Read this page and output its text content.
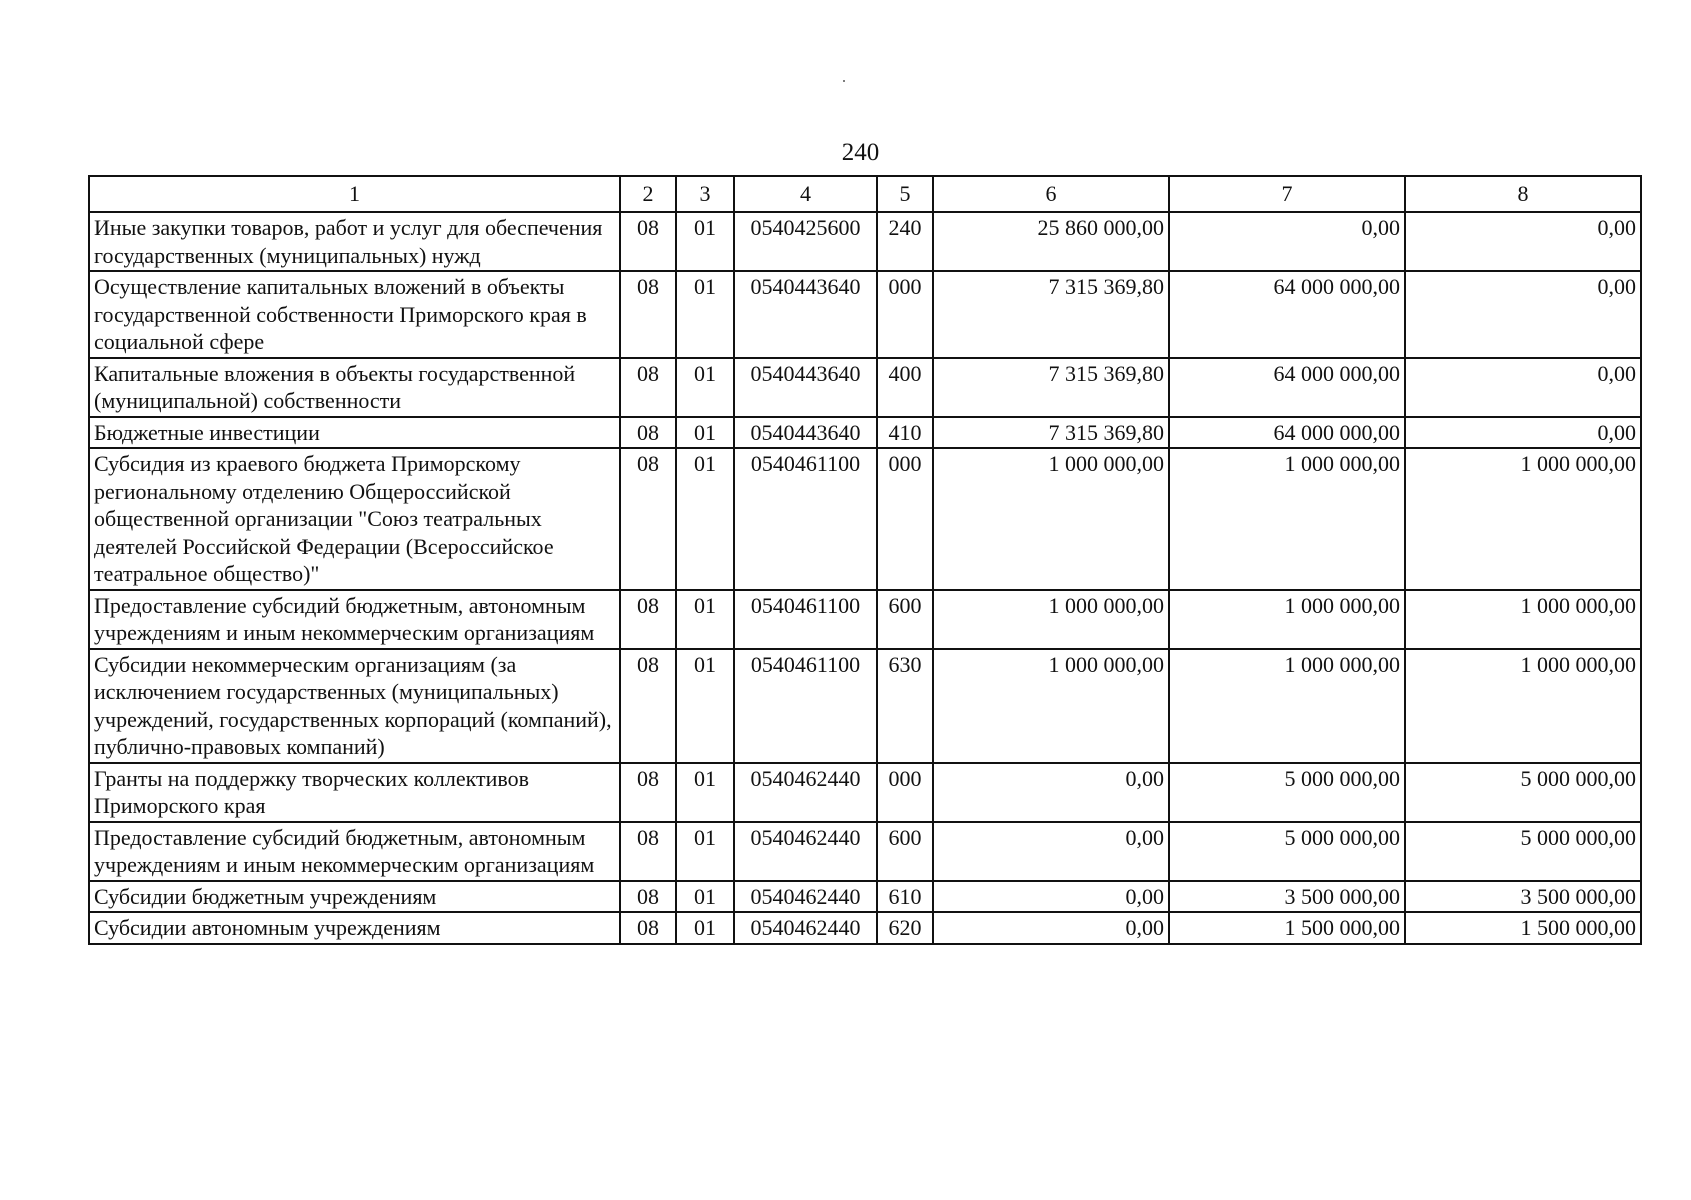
240
1	2	3	4	5	6	7	8
Иные закупки товаров, работ и услуг для обеспечения государственных (муниципальных) нужд	08	01	0540425600	240	25 860 000,00	0,00	0,00
Осуществление капитальных вложений в объекты государственной собственности Приморского края в социальной сфере	08	01	0540443640	000	7 315 369,80	64 000 000,00	0,00
Капитальные вложения в объекты государственной (муниципальной) собственности	08	01	0540443640	400	7 315 369,80	64 000 000,00	0,00
Бюджетные инвестиции	08	01	0540443640	410	7 315 369,80	64 000 000,00	0,00
Субсидия из краевого бюджета Приморскому региональному отделению Общероссийской общественной организации "Союз театральных деятелей Российской Федерации (Всероссийское театральное общество)"	08	01	0540461100	000	1 000 000,00	1 000 000,00	1 000 000,00
Предоставление субсидий бюджетным, автономным учреждениям и иным некоммерческим организациям	08	01	0540461100	600	1 000 000,00	1 000 000,00	1 000 000,00
Субсидии некоммерческим организациям (за исключением государственных (муниципальных) учреждений, государственных корпораций (компаний), публично-правовых компаний)	08	01	0540461100	630	1 000 000,00	1 000 000,00	1 000 000,00
Гранты на поддержку творческих коллективов Приморского края	08	01	0540462440	000	0,00	5 000 000,00	5 000 000,00
Предоставление субсидий бюджетным, автономным учреждениям и иным некоммерческим организациям	08	01	0540462440	600	0,00	5 000 000,00	5 000 000,00
Субсидии бюджетным учреждениям	08	01	0540462440	610	0,00	3 500 000,00	3 500 000,00
Субсидии автономным учреждениям	08	01	0540462440	620	0,00	1 500 000,00	1 500 000,00
